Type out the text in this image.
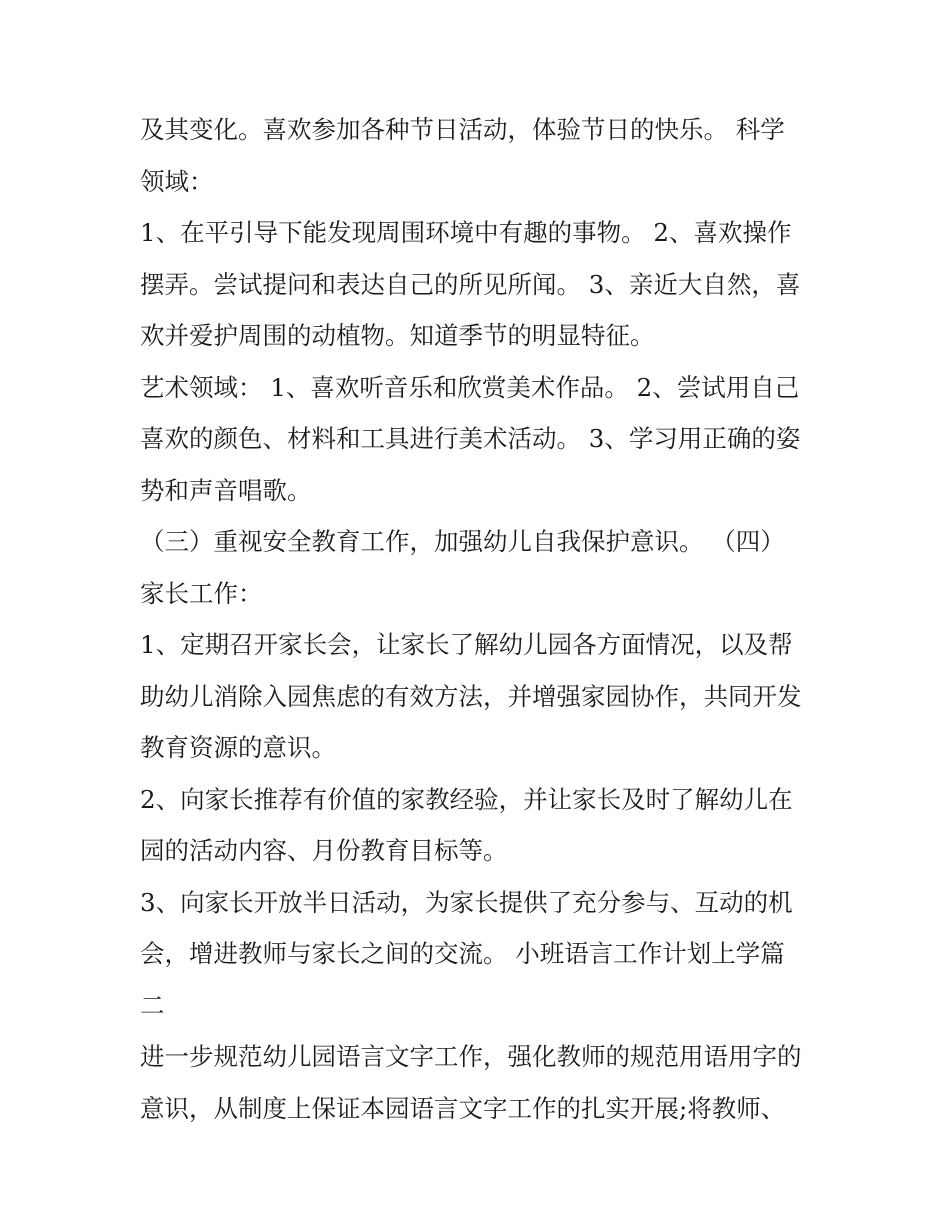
及其变化。喜欢参加各种节日活动，体验节日的快乐。 科学
领域：
1、在平引导下能发现周围环境中有趣的事物。 2、喜欢操作
摆弄。尝试提问和表达自己的所见所闻。 3、亲近大自然，喜
欢并爱护周围的动植物。知道季节的明显特征。
艺术领域： 1、喜欢听音乐和欣赏美术作品。 2、尝试用自己
喜欢的颜色、材料和工具进行美术活动。 3、学习用正确的姿
势和声音唱歌。
（三）重视安全教育工作，加强幼儿自我保护意识。 （四）
家长工作：
1、定期召开家长会，让家长了解幼儿园各方面情况，以及帮
助幼儿消除入园焦虑的有效方法，并增强家园协作，共同开发
教育资源的意识。
2、向家长推荐有价值的家教经验，并让家长及时了解幼儿在
园的活动内容、月份教育目标等。
3、向家长开放半日活动，为家长提供了充分参与、互动的机
会，增进教师与家长之间的交流。 小班语言工作计划上学篇
二
进一步规范幼儿园语言文字工作，强化教师的规范用语用字的
意识，从制度上保证本园语言文字工作的扎实开展;将教师、
